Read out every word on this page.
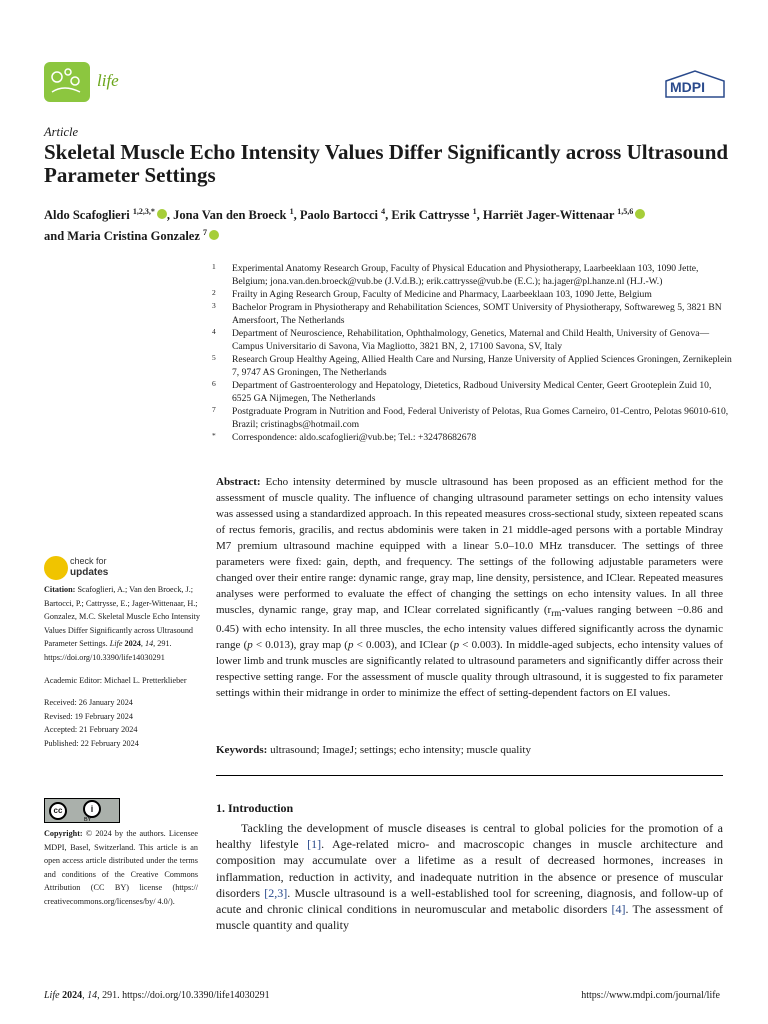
life	MDPI
Article
Skeletal Muscle Echo Intensity Values Differ Significantly across Ultrasound Parameter Settings
Aldo Scafoglieri $^{1,2,3,*}$ , Jona Van den Broeck $^1$, Paolo Bartocci $^4$, Erik Cattrysse $^1$, Harriët Jager-Wittenaar $^{1,5,6}$
and Maria Cristina Gonzalez $^7$
1 Experimental Anatomy Research Group, Faculty of Physical Education and Physiotherapy, Laarbeeklaan 103, 1090 Jette, Belgium; jona.van.den.broeck@vub.be (J.V.d.B.); erik.cattrysse@vub.be (E.C.); ha.jager@pl.hanze.nl (H.J.-W.)
2 Frailty in Aging Research Group, Faculty of Medicine and Pharmacy, Laarbeeklaan 103, 1090 Jette, Belgium
3 Bachelor Program in Physiotherapy and Rehabilitation Sciences, SOMT University of Physiotherapy, Softwareweg 5, 3821 BN Amersfoort, The Netherlands
4 Department of Neuroscience, Rehabilitation, Ophthalmology, Genetics, Maternal and Child Health, University of Genova—Campus Universitario di Savona, Via Magliotto, 3821 BN, 2, 17100 Savona, SV, Italy
5 Research Group Healthy Ageing, Allied Health Care and Nursing, Hanze University of Applied Sciences Groningen, Zernikeplein 7, 9747 AS Groningen, The Netherlands
6 Department of Gastroenterology and Hepatology, Dietetics, Radboud University Medical Center, Geert Grooteplein Zuid 10, 6525 GA Nijmegen, The Netherlands
7 Postgraduate Program in Nutrition and Food, Federal Univeristy of Pelotas, Rua Gomes Carneiro, 01-Centro, Pelotas 96010-610, Brazil; cristinagbs@hotmail.com
* Correspondence: aldo.scafoglieri@vub.be; Tel.: +32478682678
Abstract: Echo intensity determined by muscle ultrasound has been proposed as an efficient method for the assessment of muscle quality. The influence of changing ultrasound parameter settings on echo intensity values was assessed using a standardized approach. In this repeated measures cross-sectional study, sixteen repeated scans of rectus femoris, gracilis, and rectus abdominis were taken in 21 middle-aged persons with a portable Mindray M7 premium ultrasound machine equipped with a linear 5.0–10.0 MHz transducer. The settings of three parameters were fixed: gain, depth, and frequency. The settings of the following adjustable parameters were changed over their entire range: dynamic range, gray map, line density, persistence, and IClear. Repeated measures analyses were performed to evaluate the effect of changing the settings on echo intensity values. In all three muscles, dynamic range, gray map, and IClear correlated significantly ($r_{rm}$-values ranging between −0.86 and 0.45) with echo intensity. In all three muscles, the echo intensity values differed significantly across the dynamic range (p < 0.013), gray map (p < 0.003), and IClear (p < 0.003). In middle-aged subjects, echo intensity values of lower limb and trunk muscles are significantly related to ultrasound parameters and significantly differ across their respective setting range. For the assessment of muscle quality through ultrasound, it is suggested to fix parameter settings within their midrange in order to minimize the effect of setting-dependent factors on EI values.
Keywords: ultrasound; ImageJ; settings; echo intensity; muscle quality
check for
updates

Citation: Scafoglieri, A.; Van den Broeck, J.; Bartocci, P.; Cattrysse, E.; Jager-Wittenaar, H.; Gonzalez, M.C. Skeletal Muscle Echo Intensity Values Differ Significantly across Ultrasound Parameter Settings. Life 2024, 14, 291. https://doi.org/10.3390/life14030291

Academic Editor: Michael L. Pretterklieber

Received: 26 January 2024
Revised: 19 February 2024
Accepted: 21 February 2024
Published: 22 February 2024
cc	i
BY
Copyright: © 2024 by the authors. Licensee MDPI, Basel, Switzerland. This article is an open access article distributed under the terms and conditions of the Creative Commons Attribution (CC BY) license (https:// creativecommons.org/licenses/by/ 4.0/).
1. Introduction
Tackling the development of muscle diseases is central to global policies for the promotion of a healthy lifestyle [1]. Age-related micro- and macroscopic changes in muscle architecture and composition may accumulate over a lifetime as a result of decreased hormones, increases in inflammation, reduction in activity, and inadequate nutrition in the absence or presence of muscular disorders [2,3]. Muscle ultrasound is a well-established tool for screening, diagnosis, and follow-up of acute and chronic clinical conditions in neuromuscular and metabolic disorders [4]. The assessment of muscle quantity and quality
Life 2024, 14, 291. https://doi.org/10.3390/life14030291	https://www.mdpi.com/journal/life
